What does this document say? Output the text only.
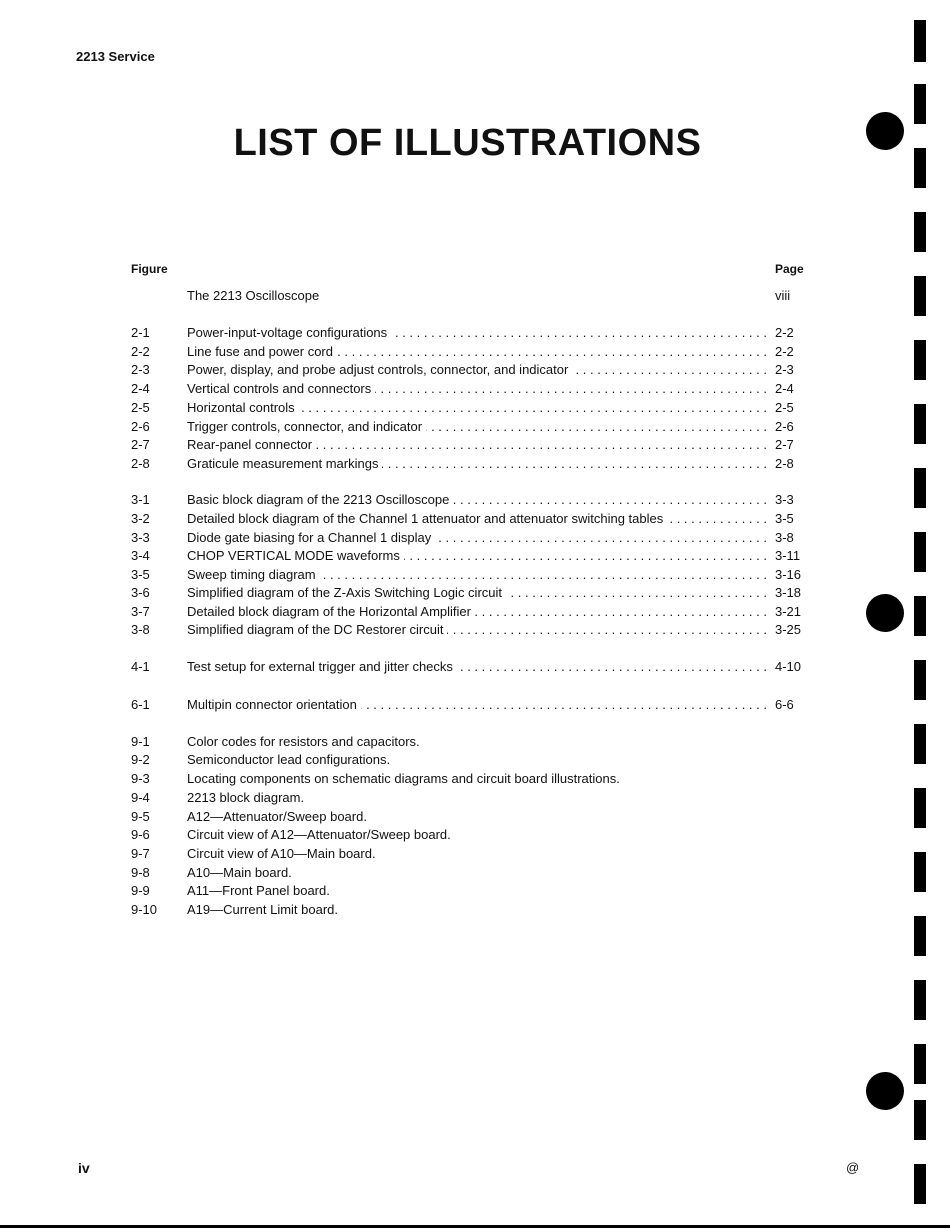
2213 Service
LIST OF ILLUSTRATIONS
Figure	Page
The 2213 Oscilloscope	viii
2-1	Power-input-voltage configurations . . .	2-2
2-2	Line fuse and power cord . . .	2-2
2-3	Power, display, and probe adjust controls, connector, and indicator . . .	2-3
2-4	Vertical controls and connectors . . .	2-4
2-5	Horizontal controls . . .	2-5
2-6	Trigger controls, connector, and indicator . . .	2-6
2-7	Rear-panel connector . . .	2-7
2-8	Graticule measurement markings . . .	2-8
3-1	Basic block diagram of the 2213 Oscilloscope . . .	3-3
3-2	Detailed block diagram of the Channel 1 attenuator and attenuator switching tables . . .	3-5
3-3	Diode gate biasing for a Channel 1 display . . .	3-8
3-4	CHOP VERTICAL MODE waveforms . . .	3-11
3-5	Sweep timing diagram . . .	3-16
3-6	Simplified diagram of the Z-Axis Switching Logic circuit . . .	3-18
3-7	Detailed block diagram of the Horizontal Amplifier . . .	3-21
3-8	Simplified diagram of the DC Restorer circuit . . .	3-25
4-1	Test setup for external trigger and jitter checks . . .	4-10
6-1	Multipin connector orientation . . .	6-6
9-1	Color codes for resistors and capacitors.
9-2	Semiconductor lead configurations.
9-3	Locating components on schematic diagrams and circuit board illustrations.
9-4	2213 block diagram.
9-5	A12—Attenuator/Sweep board.
9-6	Circuit view of A12—Attenuator/Sweep board.
9-7	Circuit view of A10—Main board.
9-8	A10—Main board.
9-9	A11—Front Panel board.
9-10 A19—Current Limit board.
iv	@
